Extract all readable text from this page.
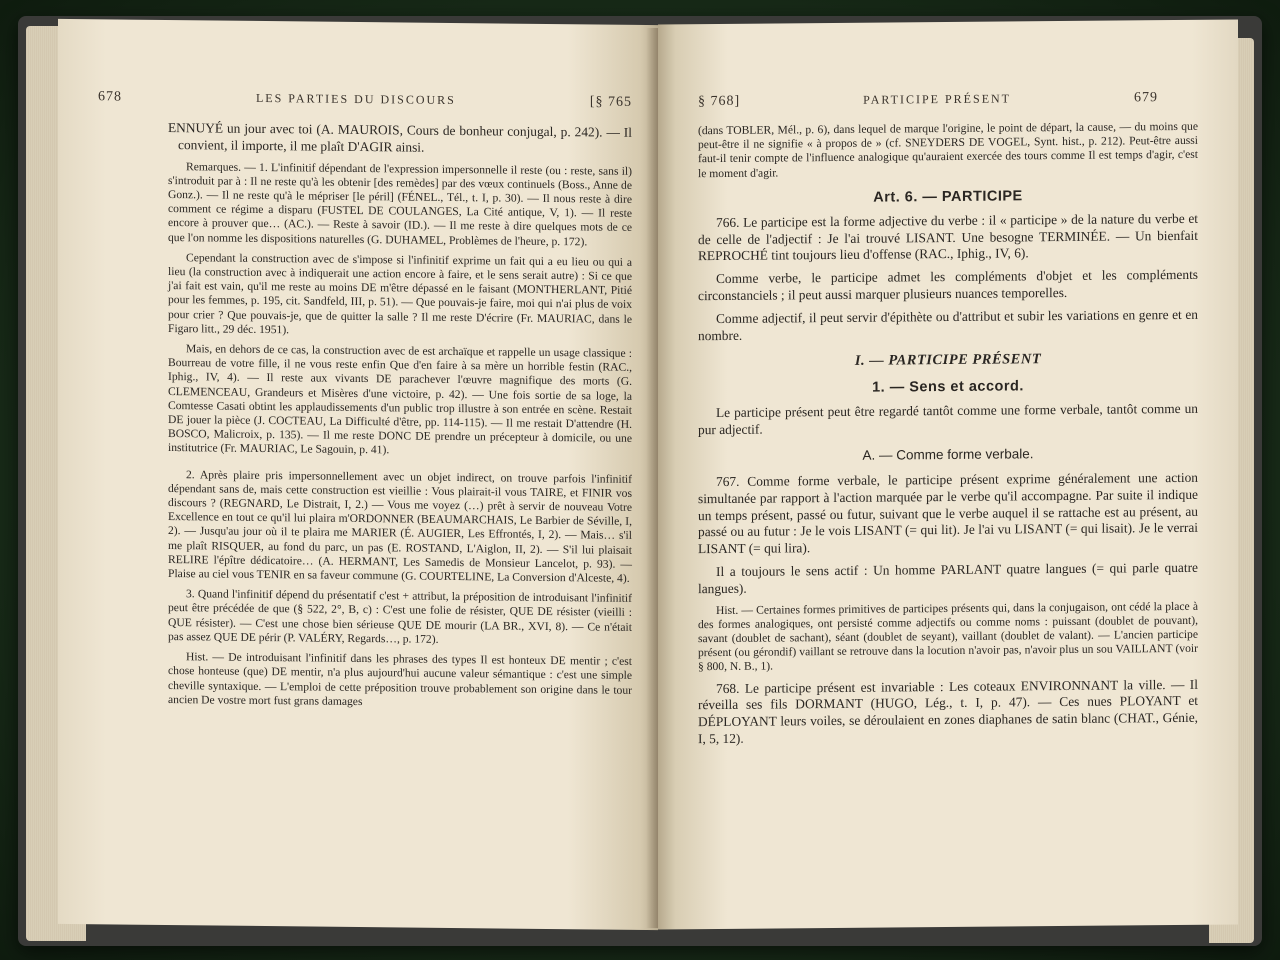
678	LES PARTIES DU DISCOURS	[§ 765

ENNUYÉ un jour avec toi (A. MAUROIS, Cours de bonheur conjugal, p. 242). — Il convient, il importe, il me plaît D'AGIR ainsi.

Remarques. — 1. L'infinitif dépendant de l'expression impersonnelle il reste (ou : reste, sans il) s'introduit par à : Il ne reste qu'à les obtenir [des remèdes] par des vœux continuels (Boss., Anne de Gonz.). — Il ne reste qu'à le mépriser [le péril] (FÉNEL., Tél., t. I, p. 30). — Il nous reste à dire comment ce régime a disparu (FUSTEL DE COULANGES, La Cité antique, V, 1). — Il reste encore à prouver que… (AC.). — Reste à savoir (ID.). — Il me reste à dire quelques mots de ce que l'on nomme les dispositions naturelles (G. DUHAMEL, Problèmes de l'heure, p. 172).

Cependant la construction avec de s'impose si l'infinitif exprime un fait qui a eu lieu ou qui a lieu (la construction avec à indiquerait une action encore à faire, et le sens serait autre) : Si ce que j'ai fait est vain, qu'il me reste au moins DE m'être dépassé en le faisant (MONTHERLANT, Pitié pour les femmes, p. 195, cit. Sandfeld, III, p. 51). — Que pouvais-je faire, moi qui n'ai plus de voix pour crier ? Que pouvais-je, que de quitter la salle ? Il me reste D'écrire (Fr. MAURIAC, dans le Figaro litt., 29 déc. 1951).

Mais, en dehors de ce cas, la construction avec de est archaïque et rappelle un usage classique : Bourreau de votre fille, il ne vous reste enfin Que d'en faire à sa mère un horrible festin (RAC., Iphig., IV, 4). — Il reste aux vivants DE parachever l'œuvre magnifique des morts (G. CLEMENCEAU, Grandeurs et Misères d'une victoire, p. 42). — Une fois sortie de sa loge, la Comtesse Casati obtint les applaudissements d'un public trop illustre à son entrée en scène. Restait DE jouer la pièce (J. COCTEAU, La Difficulté d'être, pp. 114-115). — Il me restait D'attendre (H. BOSCO, Malicroix, p. 135). — Il me reste DONC DE prendre un précepteur à domicile, ou une institutrice (Fr. MAURIAC, Le Sagouin, p. 41).

2. Après plaire pris impersonnellement avec un objet indirect, on trouve parfois l'infinitif dépendant sans de, mais cette construction est vieillie : Vous plairait-il vous TAIRE, et FINIR vos discours ? (REGNARD, Le Distrait, I, 2.) — Vous me voyez (…) prêt à servir de nouveau Votre Excellence en tout ce qu'il lui plaira m'ORDONNER (BEAUMARCHAIS, Le Barbier de Séville, I, 2). — Jusqu'au jour où il te plaira me MARIER (É. AUGIER, Les Effrontés, I, 2). — Mais… s'il me plaît RISQUER, au fond du parc, un pas (E. ROSTAND, L'Aiglon, II, 2). — S'il lui plaisait RELIRE l'épître dédicatoire… (A. HERMANT, Les Samedis de Monsieur Lancelot, p. 93). — Plaise au ciel vous TENIR en sa faveur commune (G. COURTELINE, La Conversion d'Alceste, 4).

3. Quand l'infinitif dépend du présentatif c'est + attribut, la préposition de introduisant l'infinitif peut être précédée de que (§ 522, 2°, B, c) : C'est une folie de résister, QUE DE résister (vieilli : QUE résister). — C'est une chose bien sérieuse QUE DE mourir (LA BR., XVI, 8). — Ce n'était pas assez QUE DE périr (P. VALÉRY, Regards…, p. 172).

Hist. — De introduisant l'infinitif dans les phrases des types Il est honteux DE mentir ; c'est chose honteuse (que) DE mentir, n'a plus aujourd'hui aucune valeur sémantique : c'est une simple cheville syntaxique. — L'emploi de cette préposition trouve probablement son origine dans le tour ancien De vostre mort fust grans damages

§ 768]	PARTICIPE PRÉSENT	679

(dans TOBLER, Mél., p. 6), dans lequel de marque l'origine, le point de départ, la cause, — du moins que peut-être il ne signifie « à propos de » (cf. SNEYDERS DE VOGEL, Synt. hist., p. 212). Peut-être aussi faut-il tenir compte de l'influence analogique qu'auraient exercée des tours comme Il est temps d'agir, c'est le moment d'agir.

Art. 6. — PARTICIPE

766. Le participe est la forme adjective du verbe : il « participe » de la nature du verbe et de celle de l'adjectif : Je l'ai trouvé LISANT. Une besogne TERMINÉE. — Un bienfait REPROCHÉ tint toujours lieu d'offense (RAC., Iphig., IV, 6).

Comme verbe, le participe admet les compléments d'objet et les compléments circonstanciels ; il peut aussi marquer plusieurs nuances temporelles.

Comme adjectif, il peut servir d'épithète ou d'attribut et subir les variations en genre et en nombre.

I. — PARTICIPE PRÉSENT
1. — Sens et accord.

Le participe présent peut être regardé tantôt comme une forme verbale, tantôt comme un pur adjectif.

A. — Comme forme verbale.

767. Comme forme verbale, le participe présent exprime généralement une action simultanée par rapport à l'action marquée par le verbe qu'il accompagne. Par suite il indique un temps présent, passé ou futur, suivant que le verbe auquel il se rattache est au présent, au passé ou au futur : Je le vois LISANT (= qui lit). Je l'ai vu LISANT (= qui lisait). Je le verrai LISANT (= qui lira).

Il a toujours le sens actif : Un homme PARLANT quatre langues (= qui parle quatre langues).

Hist. — Certaines formes primitives de participes présents qui, dans la conjugaison, ont cédé la place à des formes analogiques, ont persisté comme adjectifs ou comme noms : puissant (doublet de pouvant), savant (doublet de sachant), séant (doublet de seyant), vaillant (doublet de valant). — L'ancien participe présent (ou gérondif) vaillant se retrouve dans la locution n'avoir pas, n'avoir plus un sou VAILLANT (voir § 800, N. B., 1).

768. Le participe présent est invariable : Les coteaux ENVIRONNANT la ville. — Il réveilla ses fils DORMANT (HUGO, Lég., t. I, p. 47). — Ces nues PLOYANT et DÉPLOYANT leurs voiles, se déroulaient en zones diaphanes de satin blanc (CHAT., Génie, I, 5, 12).
